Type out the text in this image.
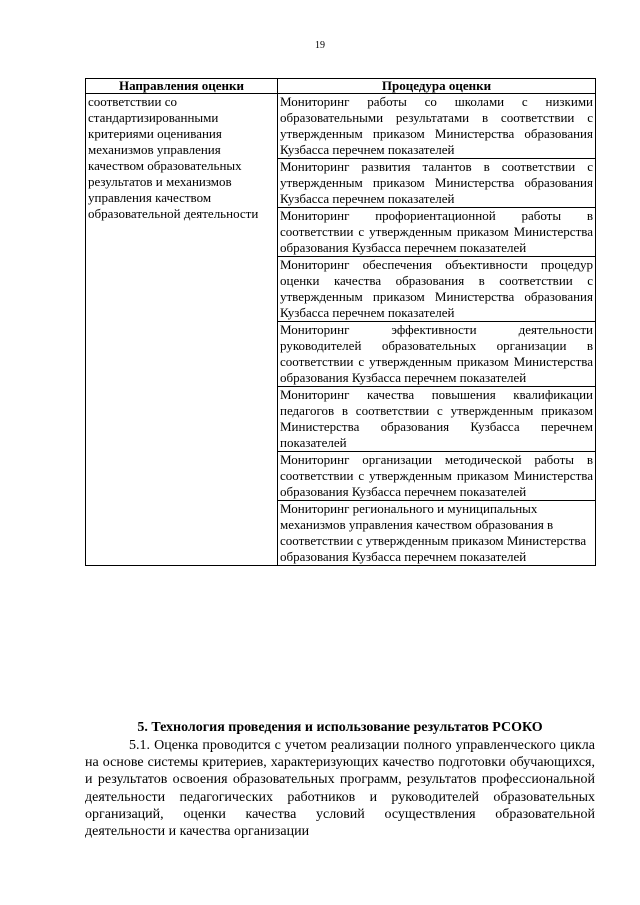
19
Направления оценки	Процедура оценки
соответствии со стандартизированными критериями оценивания механизмов управления качеством образовательных результатов и механизмов управления качеством образовательной деятельности	Мониторинг работы со школами с низкими образовательными результатами в соответствии с утвержденным приказом Министерства образования Кузбасса перечнем показателей
	Мониторинг развития талантов в соответствии с утвержденным приказом Министерства образования Кузбасса перечнем показателей
	Мониторинг профориентационной работы в соответствии с утвержденным приказом Министерства образования Кузбасса перечнем показателей
	Мониторинг обеспечения объективности процедур оценки качества образования в соответствии с утвержденным приказом Министерства образования Кузбасса перечнем показателей
	Мониторинг эффективности деятельности руководителей образовательных организации в соответствии с утвержденным приказом Министерства образования Кузбасса перечнем показателей
	Мониторинг качества повышения квалификации педагогов в соответствии с утвержденным приказом Министерства образования Кузбасса перечнем показателей
	Мониторинг организации методической работы в соответствии с утвержденным приказом Министерства образования Кузбасса перечнем показателей
	Мониторинг регионального и муниципальных механизмов управления качеством образования в соответствии с утвержденным приказом Министерства образования Кузбасса перечнем показателей
5. Технология проведения и использование результатов РСОКО
5.1. Оценка проводится с учетом реализации полного управленческого цикла на основе системы критериев, характеризующих качество подготовки обучающихся, и результатов освоения образовательных программ, результатов профессиональной деятельности педагогических работников и руководителей образовательных организаций, оценки качества условий осуществления образовательной деятельности и качества организации
